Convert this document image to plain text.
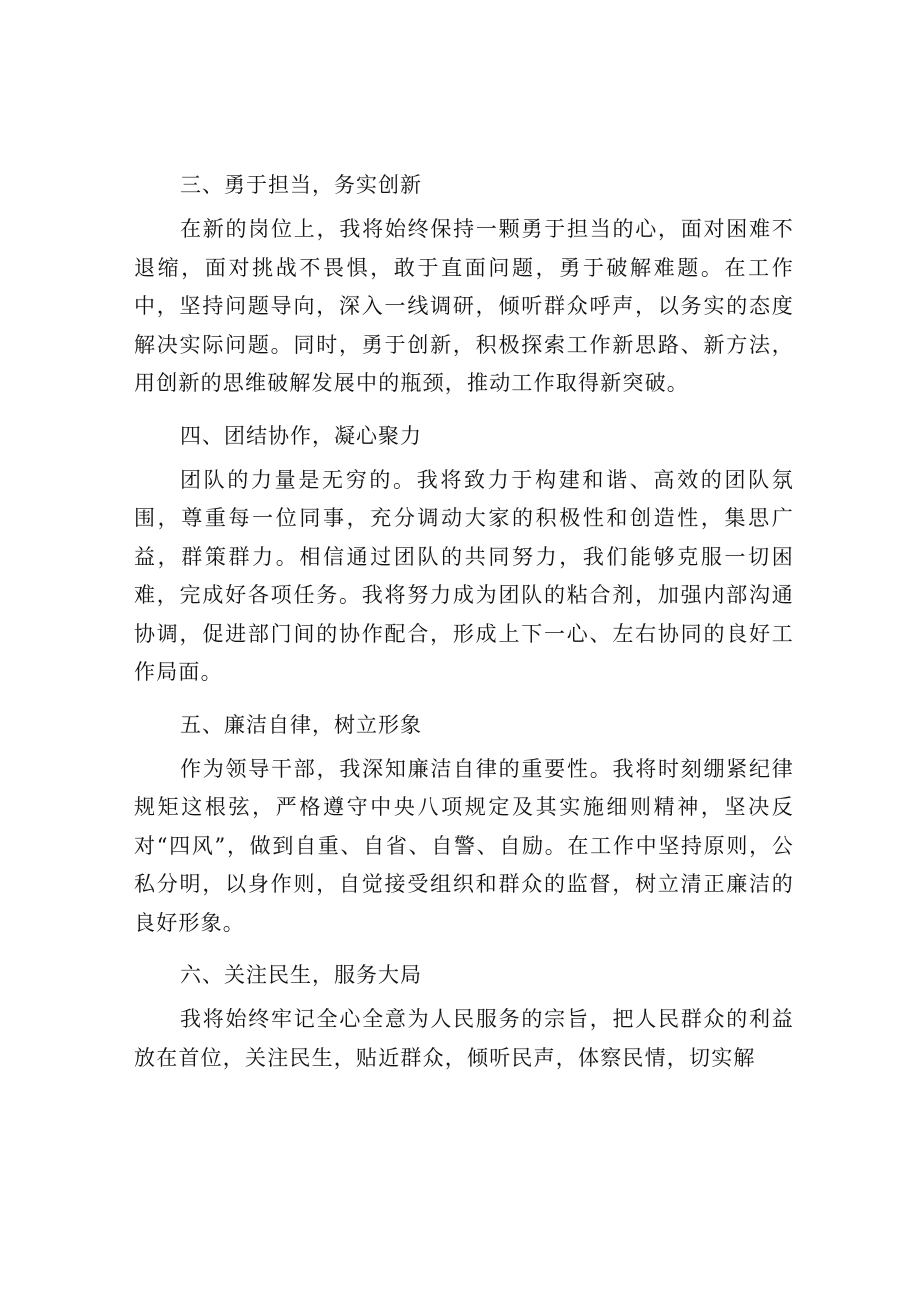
三、勇于担当，务实创新

在新的岗位上，我将始终保持一颗勇于担当的心，面对困难不退缩，面对挑战不畏惧，敢于直面问题，勇于破解难题。在工作中，坚持问题导向，深入一线调研，倾听群众呼声，以务实的态度解决实际问题。同时，勇于创新，积极探索工作新思路、新方法，用创新的思维破解发展中的瓶颈，推动工作取得新突破。

四、团结协作，凝心聚力

团队的力量是无穷的。我将致力于构建和谐、高效的团队氛围，尊重每一位同事，充分调动大家的积极性和创造性，集思广益，群策群力。相信通过团队的共同努力，我们能够克服一切困难，完成好各项任务。我将努力成为团队的粘合剂，加强内部沟通协调，促进部门间的协作配合，形成上下一心、左右协同的良好工作局面。

五、廉洁自律，树立形象

作为领导干部，我深知廉洁自律的重要性。我将时刻绷紧纪律规矩这根弦，严格遵守中央八项规定及其实施细则精神，坚决反对“四风”，做到自重、自省、自警、自励。在工作中坚持原则，公私分明，以身作则，自觉接受组织和群众的监督，树立清正廉洁的良好形象。

六、关注民生，服务大局

我将始终牢记全心全意为人民服务的宗旨，把人民群众的利益放在首位，关注民生，贴近群众，倾听民声，体察民情，切实解
